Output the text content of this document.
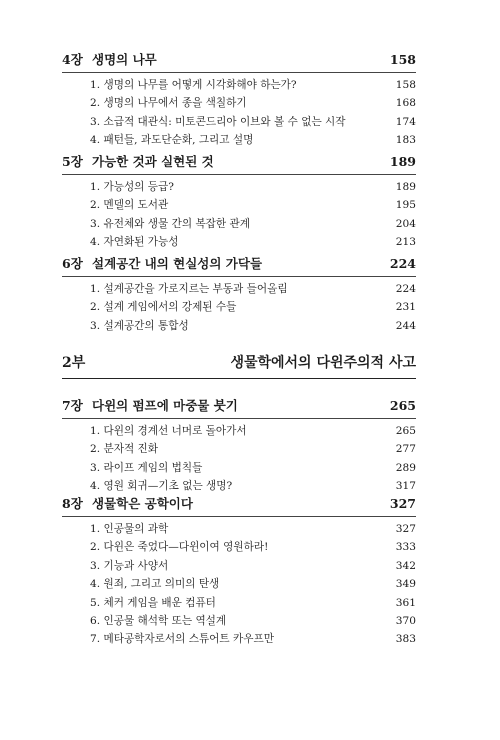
4장 생명의 나무	158
1. 생명의 나무를 어떻게 시각화해야 하는가?	158
2. 생명의 나무에서 종을 색칠하기	168
3. 소급적 대관식: 미토콘드리아 이브와 볼 수 없는 시작	174
4. 패턴들, 과도단순화, 그리고 설명	183
5장 가능한 것과 실현된 것	189
1. 가능성의 등급?	189
2. 멘델의 도서관	195
3. 유전체와 생물 간의 복잡한 관계	204
4. 자연화된 가능성	213
6장 설계공간 내의 현실성의 가닥들	224
1. 설계공간을 가로지르는 부동과 들어올림	224
2. 설계 게임에서의 강제된 수들	231
3. 설계공간의 통합성	244
2부	생물학에서의 다윈주의적 사고
7장 다윈의 펌프에 마중물 붓기	265
1. 다윈의 경계선 너머로 돌아가서	265
2. 분자적 진화	277
3. 라이프 게임의 법칙들	289
4. 영원 회귀—기초 없는 생명?	317
8장 생물학은 공학이다	327
1. 인공물의 과학	327
2. 다윈은 죽었다—다윈이여 영원하라!	333
3. 기능과 사양서	342
4. 원죄, 그리고 의미의 탄생	349
5. 체커 게임을 배운 컴퓨터	361
6. 인공물 해석학 또는 역설계	370
7. 메타공학자로서의 스튜어트 카우프만	383
